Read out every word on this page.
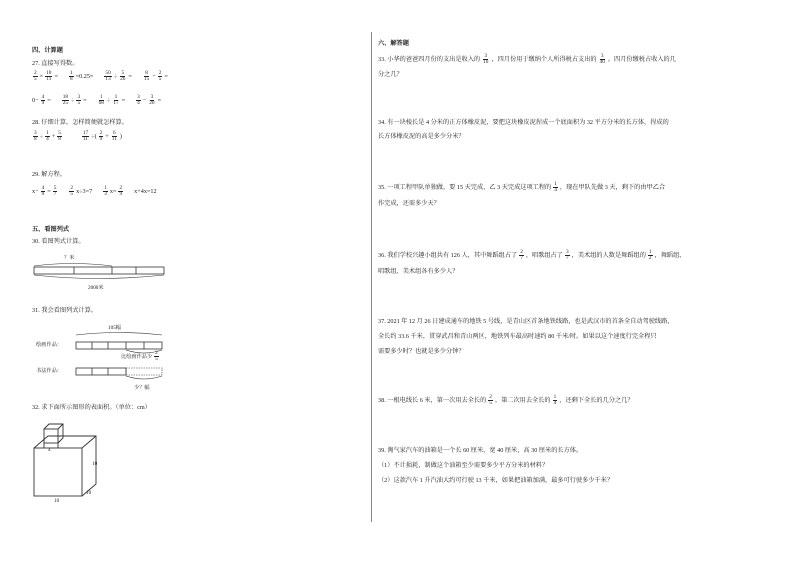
四、计算题
27. 直接写得数。
$\frac{2}{5} \times \frac{10}{11} = \frac{1}{8} =0.25= \frac{50}{13} \div \frac{5}{26} = \frac{8}{15} - \frac{2}{5}$ =
$0- \frac{4}{9} = \frac{18}{25} \div \frac{3}{5} = \frac{1}{68} \div \frac{1}{17} = \frac{3}{4} - \frac{3}{20}$ =
28. 仔细计算，怎样简便就怎样算。
$\frac{3}{8} \div \frac{1}{4} + \frac{5}{8}$	$\frac{17}{11}$ ÷( $\frac{2}{9} + \frac{6}{11}$ )
29. 解方程。
$x- \frac{4}{9} = \frac{5}{7} \frac{2}{5} x\div 3=7 \frac{1}{3} x= \frac{2}{9} x+4x=12$
五、看图列式
30. 看图列式计算。
？米
2000米
31. 我会看图列式计算。
105幅
绘画作品：
书法作品：
比绘画作品少 $\frac{2}{5}$
少？幅
32. 求下面所示图形的表面积。（单位：cm）
4
10
10
10
六、解答题
33. 小华的爸爸四月份的支出是收入的 $\frac{3}{10}$ ，四月份用于缴纳个人所得税占支出的 $\frac{3}{40}$ 。四月份缴税占收入的几
分之几？
34. 有一块棱长是 4 分米的正方体橡皮泥，要把这块橡皮泥捏成一个底面积为 32 平方分米的长方体，捏成的
长方体橡皮泥的高是多少分米？
35. 一项工程甲队单独做，要 15 天完成，乙 3 天完成这项工程的 $\frac{1}{4}$ ，现在甲队先做 3 天，剩下的由甲乙合
作完成，还需多少天？
36. 我们学校兴趣小组共有 126 人，其中舞蹈组占了 $\frac{2}{7}$ ，唱歌组占了 $\frac{3}{7}$ ，美术组的人数是舞蹈组的 $\frac{1}{2}$ ，舞蹈组、
唱歌组、美术组各有多少人？
37. 2021 年 12 月 26 日建成通车的地铁 5 号线，是青山区首条地铁线路，也是武汉市的首条全自动驾驶线路，
全长约 33.6 千米，贯穿武昌和青山两区，地铁列车最高时速约 80 千米/时。如果以这个速度行完全程只
需要多少时？也就是多少分钟？
38. 一根电线长 6 米，第一次用去全长的 $\frac{2}{5}$ ，第二次用去全长的 $\frac{1}{4}$ ，还剩下全长的几分之几？
39. 淘气家汽车的油箱是一个长 60 厘米，宽 40 厘米，高 30 厘米的长方体。
（1）不计损耗，制做这个油箱至少需要多少平方分米的材料？
（2）这款汽车 1 升汽油大约可行驶 13 千米，如果把油箱加满，最多可行驶多少千米？
